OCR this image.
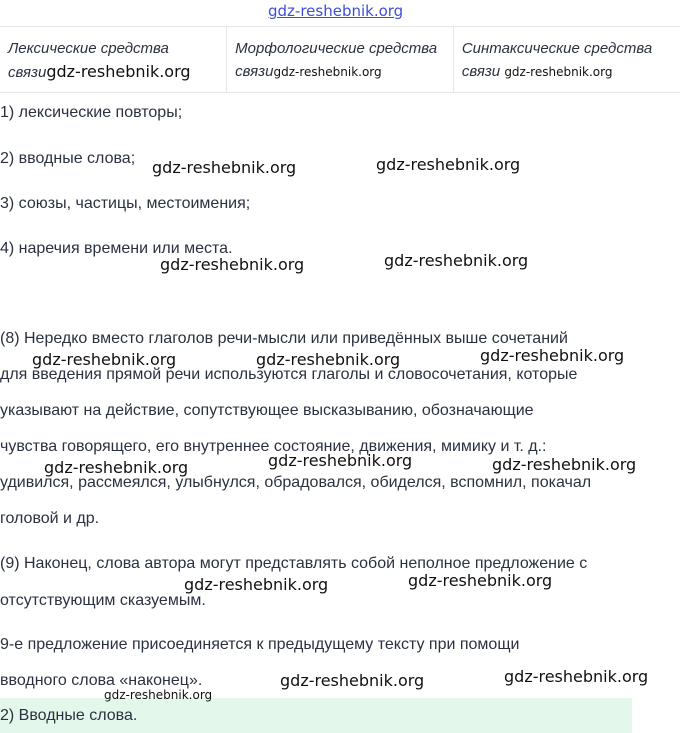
gdz-reshebnik.org
Лексические средства связиgdz-reshebnik.org	Морфологические средства связиgdz-reshebnik.org	Синтаксические средства связи gdz-reshebnik.org
1) лексические повторы;
2) вводные слова;
3) союзы, частицы, местоимения;
4) наречия времени или места.
(8) Нередко вместо глаголов речи-мысли или приведённых выше сочетаний
для введения прямой речи используются глаголы и словосочетания, которые
указывают на действие, сопутствующее высказыванию, обозначающие
чувства говорящего, его внутреннее состояние, движения, мимику и т. д.:
удивился, рассмеялся, улыбнулся, обрадовался, обиделся, вспомнил, покачал
головой и др.
(9) Наконец, слова автора могут представлять собой неполное предложение с
отсутствующим сказуемым.
9-е предложение присоединяется к предыдущему тексту при помощи
вводного слова «наконец».
2) Вводные слова.
gdz-reshebnik.org	gdz-reshebnik.org
gdz-reshebnik.org	gdz-reshebnik.org
gdz-reshebnik.org	gdz-reshebnik.org	gdz-reshebnik.org
gdz-reshebnik.org	gdz-reshebnik.org	gdz-reshebnik.org
gdz-reshebnik.org	gdz-reshebnik.org
gdz-reshebnik.org	gdz-reshebnik.org
gdz-reshebnik.org
